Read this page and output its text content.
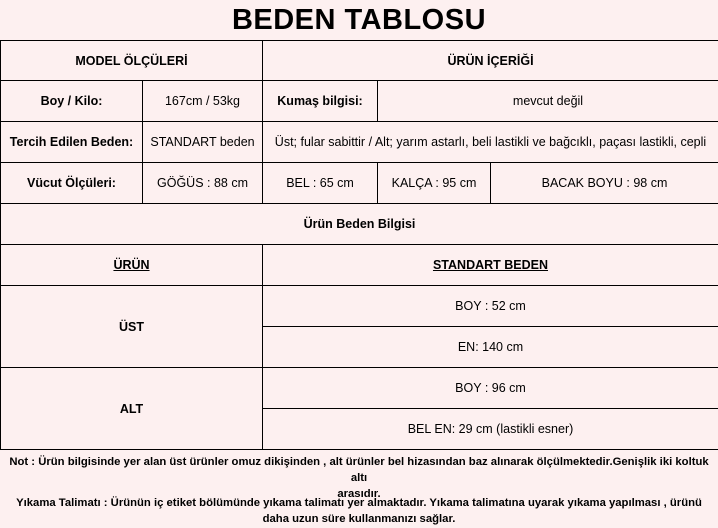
BEDEN TABLOSU
MODEL ÖLÇÜLERİ		ÜRÜN İÇERİĞİ		
Boy / Kilo:	167cm / 53kg	Kumaş bilgisi:	mevcut değil	
Tercih Edilen Beden:	STANDART beden	Üst; fular sabittir / Alt; yarım astarlı, beli lastikli ve bağcıklı, paçası lastikli, cepli		
Vücut Ölçüleri:	GÖĞÜS : 88 cm	BEL : 65 cm	KALÇA : 95 cm	BACAK BOYU : 98 cm
Ürün Beden Bilgisi				
ÜRÜN		STANDART BEDEN		
ÜST		BOY : 52 cm		
		EN: 140 cm		
ALT		BOY : 96 cm		
		BEL EN: 29 cm (lastikli esner)		
Not : Ürün bilgisinde yer alan üst ürünler omuz dikişinden , alt ürünler bel hizasından baz alınarak ölçülmektedir.Genişlik iki koltuk altı
arasıdır.
Yıkama Talimatı : Ürünün iç etiket bölümünde yıkama talimatı yer almaktadır. Yıkama talimatına uyarak yıkama yapılması , ürünü
daha uzun süre kullanmanızı sağlar.
